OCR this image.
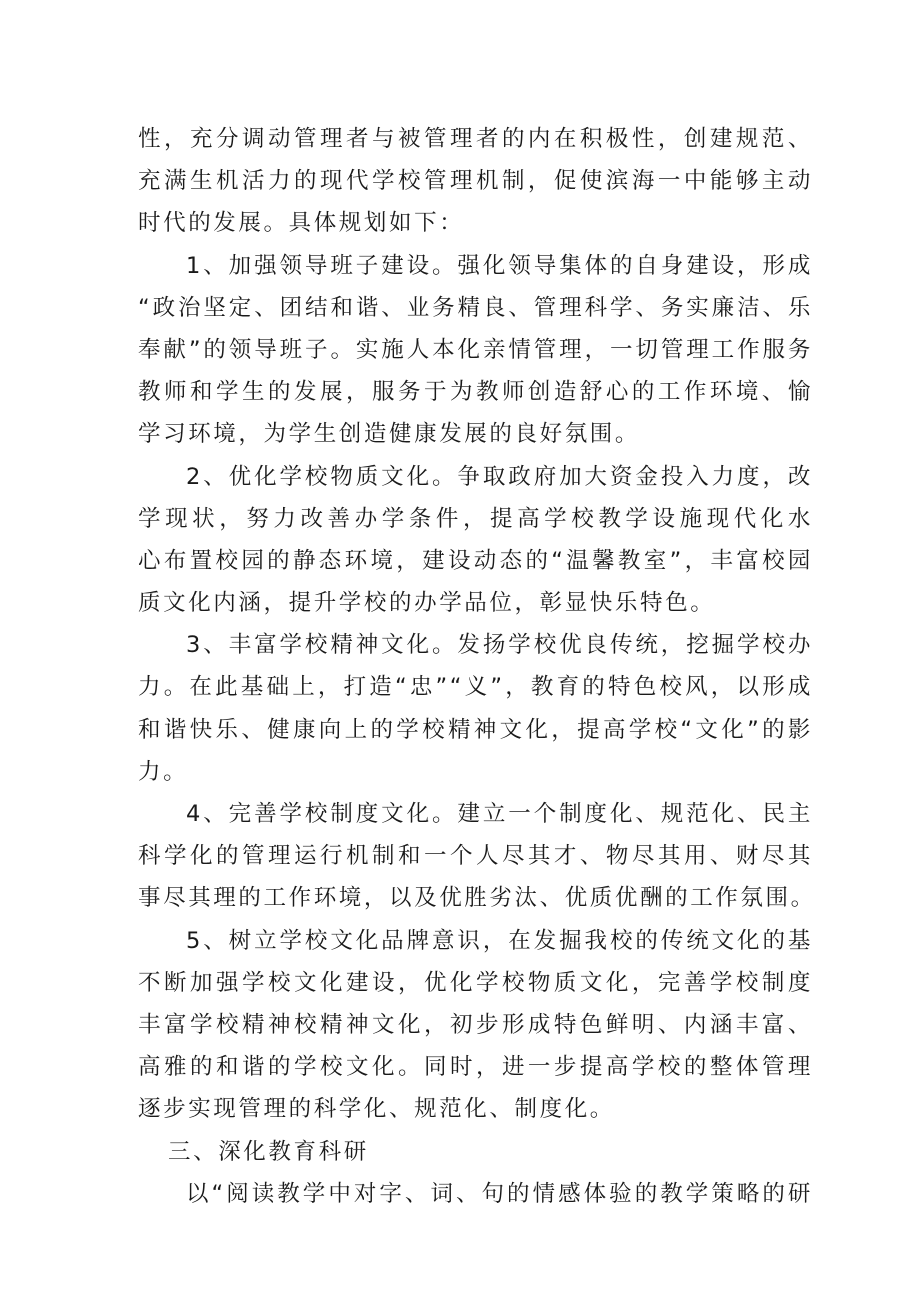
性，充分调动管理者与被管理者的内在积极性，创建规范、
充满生机活力的现代学校管理机制，促使滨海一中能够主动
时代的发展。具体规划如下：
1、加强领导班子建设。强化领导集体的自身建设，形成
“政治坚定、团结和谐、业务精良、管理科学、务实廉洁、乐
奉献”的领导班子。实施人本化亲情管理，一切管理工作服务
教师和学生的发展，服务于为教师创造舒心的工作环境、愉
学习环境，为学生创造健康发展的良好氛围。
2、优化学校物质文化。争取政府加大资金投入力度，改
学现状，努力改善办学条件，提高学校教学设施现代化水
心布置校园的静态环境，建设动态的“温馨教室”，丰富校园
质文化内涵，提升学校的办学品位，彰显快乐特色。
3、丰富学校精神文化。发扬学校优良传统，挖掘学校办
力。在此基础上，打造“忠”“义”，教育的特色校风，以形成
和谐快乐、健康向上的学校精神文化，提高学校“文化”的影
力。
4、完善学校制度文化。建立一个制度化、规范化、民主
科学化的管理运行机制和一个人尽其才、物尽其用、财尽其
事尽其理的工作环境，以及优胜劣汰、优质优酬的工作氛围。
5、树立学校文化品牌意识，在发掘我校的传统文化的基
不断加强学校文化建设，优化学校物质文化，完善学校制度
丰富学校精神校精神文化，初步形成特色鲜明、内涵丰富、
高雅的和谐的学校文化。同时，进一步提高学校的整体管理
逐步实现管理的科学化、规范化、制度化。
三、深化教育科研
以“阅读教学中对字、词、句的情感体验的教学策略的研
